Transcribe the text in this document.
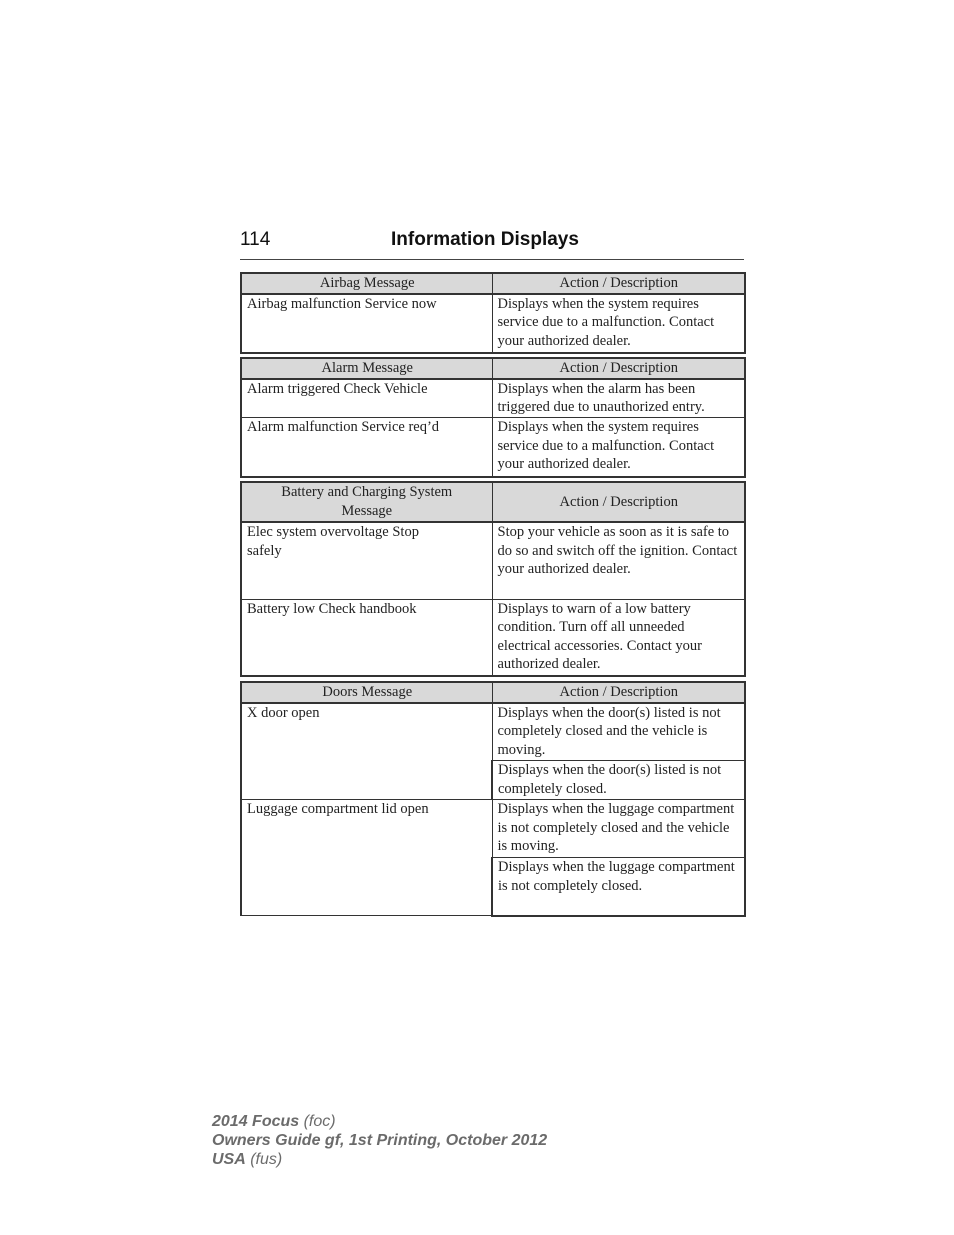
114	Information Displays
Airbag Message	Action / Description
Airbag malfunction Service now	Displays when the system requires service due to a malfunction. Contact your authorized dealer.
Alarm Message	Action / Description
Alarm triggered Check Vehicle	Displays when the alarm has been triggered due to unauthorized entry.
Alarm malfunction Service req’d	Displays when the system requires service due to a malfunction. Contact your authorized dealer.
Battery and Charging System Message	Action / Description
Elec system overvoltage Stop safely	Stop your vehicle as soon as it is safe to do so and switch off the ignition. Contact your authorized dealer.
Battery low Check handbook	Displays to warn of a low battery condition. Turn off all unneeded electrical accessories. Contact your authorized dealer.
Doors Message	Action / Description
X door open	Displays when the door(s) listed is not completely closed and the vehicle is moving.
	Displays when the door(s) listed is not completely closed.
Luggage compartment lid open	Displays when the luggage compartment is not completely closed and the vehicle is moving.
	Displays when the luggage compartment is not completely closed.
2014 Focus (foc)
Owners Guide gf, 1st Printing, October 2012
USA (fus)
